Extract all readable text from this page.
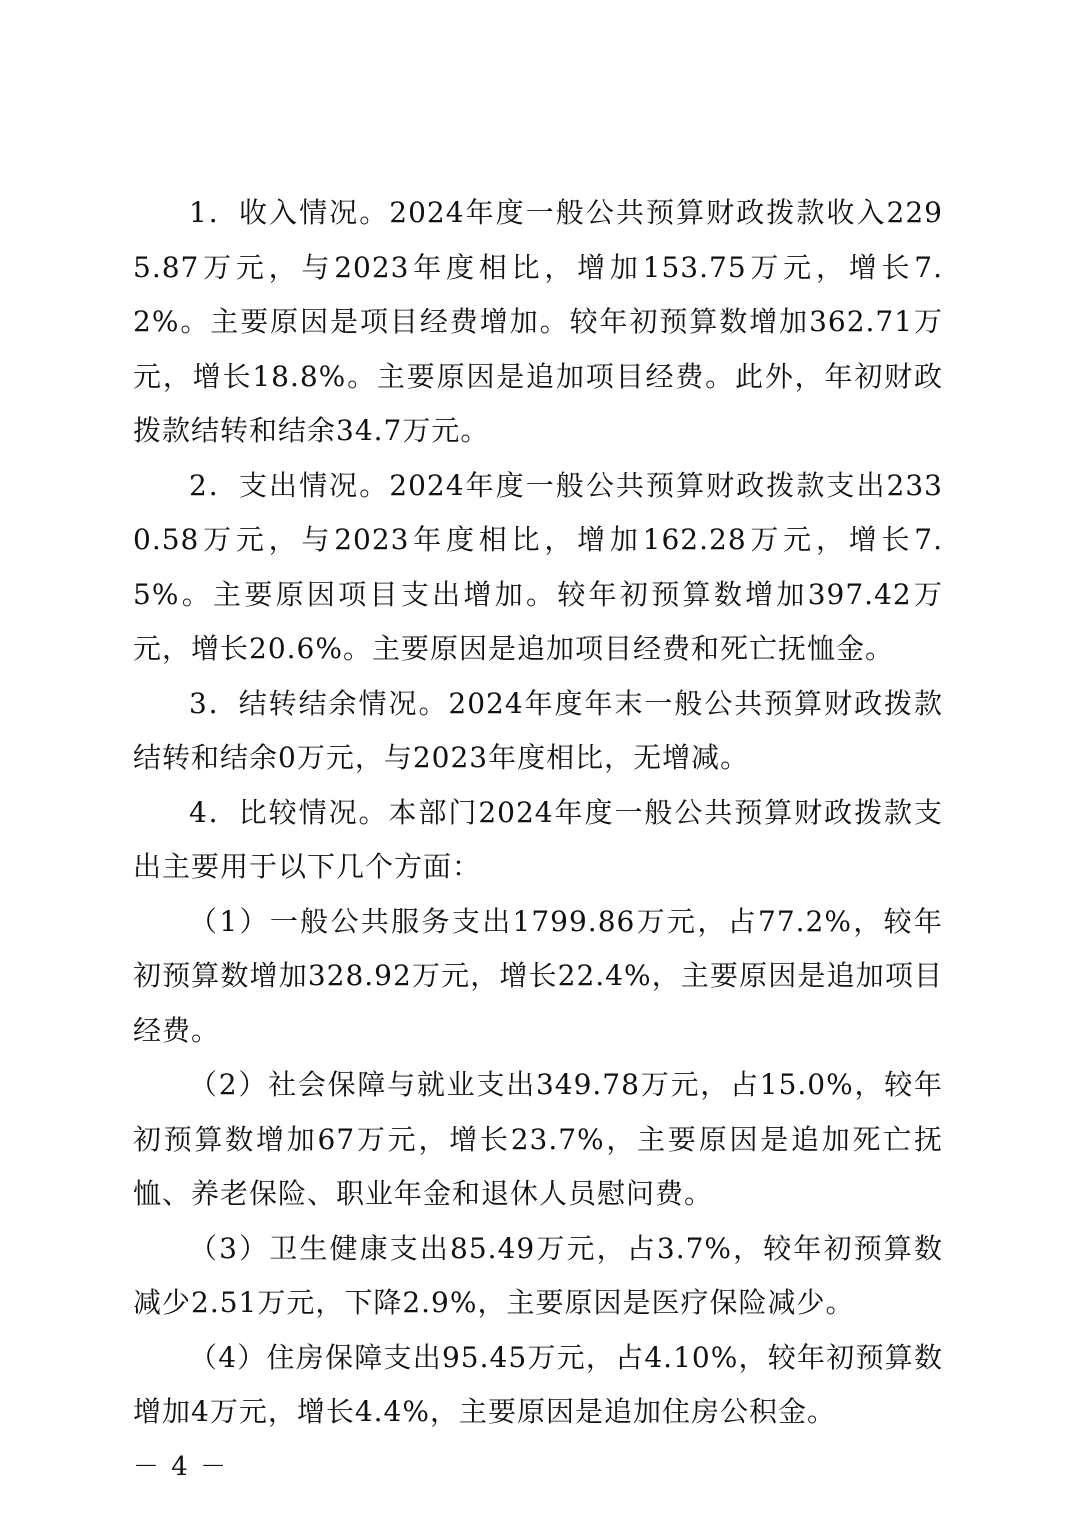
1．收入情况。2024年度一般公共预算财政拨款收入2295.87万元，与2023年度相比，增加153.75万元，增长7.2%。主要原因是项目经费增加。较年初预算数增加362.71万元，增长18.8%。主要原因是追加项目经费。此外，年初财政拨款结转和结余34.7万元。

2．支出情况。2024年度一般公共预算财政拨款支出2330.58万元，与2023年度相比，增加162.28万元，增长7.5%。主要原因项目支出增加。较年初预算数增加397.42万元，增长20.6%。主要原因是追加项目经费和死亡抚恤金。

3．结转结余情况。2024年度年末一般公共预算财政拨款结转和结余0万元，与2023年度相比，无增减。

4．比较情况。本部门2024年度一般公共预算财政拨款支出主要用于以下几个方面：

（1）一般公共服务支出1799.86万元，占77.2%，较年初预算数增加328.92万元，增长22.4%，主要原因是追加项目经费。

（2）社会保障与就业支出349.78万元，占15.0%，较年初预算数增加67万元，增长23.7%，主要原因是追加死亡抚恤、养老保险、职业年金和退休人员慰问费。

（3）卫生健康支出85.49万元，占3.7%，较年初预算数减少2.51万元，下降2.9%，主要原因是医疗保险减少。

（4）住房保障支出95.45万元，占4.10%，较年初预算数增加4万元，增长4.4%，主要原因是追加住房公积金。

－ 4 －
